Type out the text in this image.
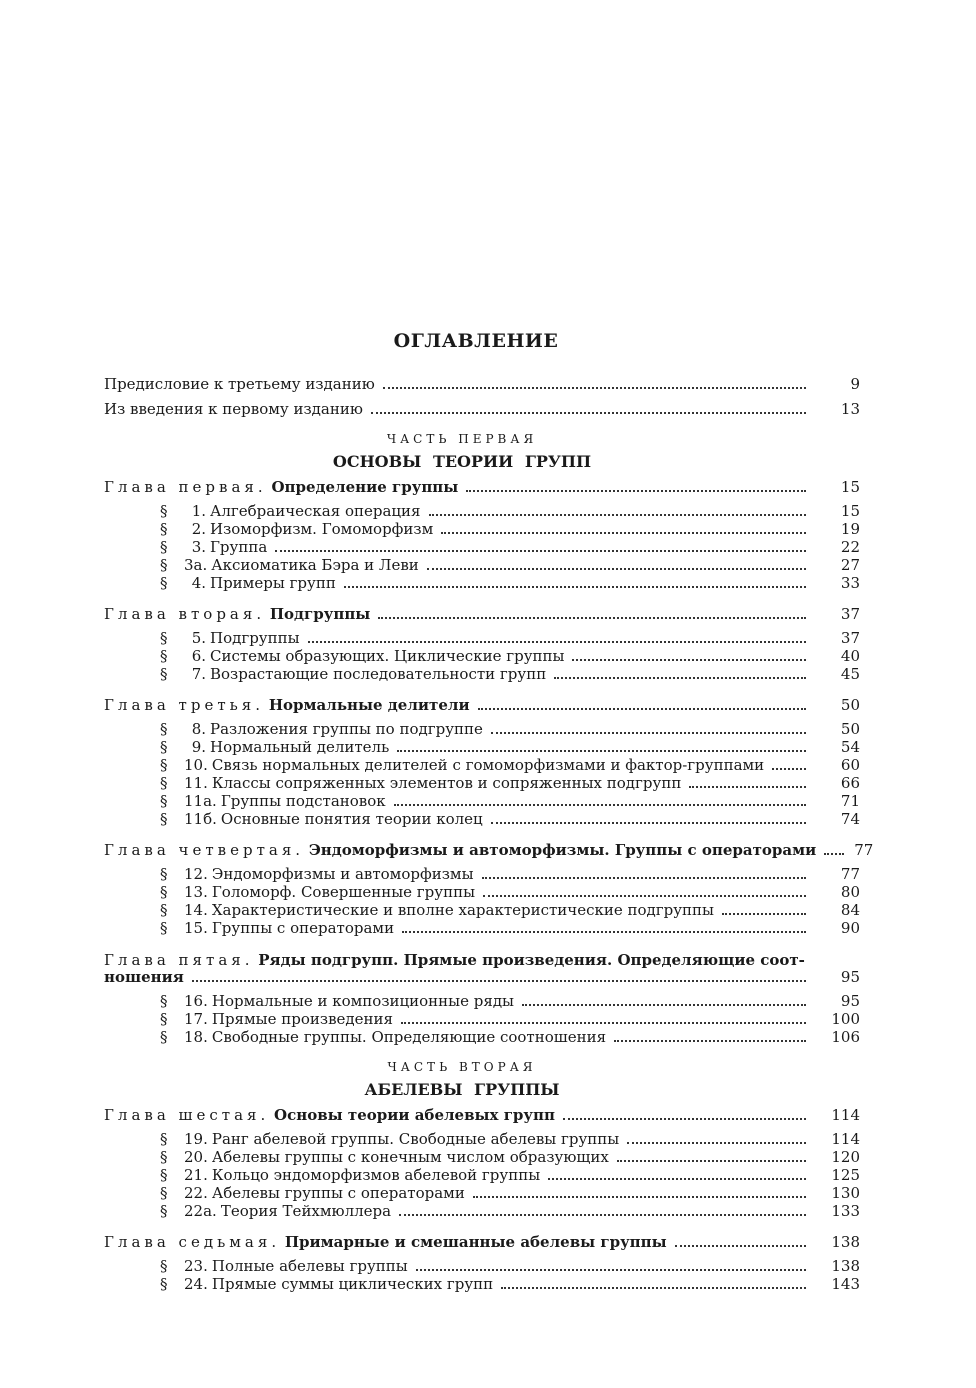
ОГЛАВЛЕНИЕ
Предисловие к третьему изданию	9
Из введения к первому изданию	13
ЧАСТЬ ПЕРВАЯ
ОСНОВЫ ТЕОРИИ ГРУПП
Глава первая. Определение группы	15
§ 1. Алгебраическая операция	15
§ 2. Изоморфизм. Гомоморфизм	19
§ 3. Группа	22
§ 3а. Аксиоматика Бэра и Леви	27
§ 4. Примеры групп	33
Глава вторая. Подгруппы	37
§ 5. Подгруппы	37
§ 6. Системы образующих. Циклические группы	40
§ 7. Возрастающие последовательности групп	45
Глава третья. Нормальные делители	50
§ 8. Разложения группы по подгруппе	50
§ 9. Нормальный делитель	54
§ 10. Связь нормальных делителей с гомоморфизмами и фактор-группами	60
§ 11. Классы сопряженных элементов и сопряженных подгрупп	66
§ 11а. Группы подстановок	71
§ 11б. Основные понятия теории колец	74
Глава четвертая. Эндоморфизмы и автоморфизмы. Группы с операторами	77
§ 12. Эндоморфизмы и автоморфизмы	77
§ 13. Голоморф. Совершенные группы	80
§ 14. Характеристические и вполне характеристические подгруппы	84
§ 15. Группы с операторами	90
Глава пятая. Ряды подгрупп. Прямые произведения. Определяющие соот-
ношения	95
§ 16. Нормальные и композиционные ряды	95
§ 17. Прямые произведения	100
§ 18. Свободные группы. Определяющие соотношения	106
ЧАСТЬ ВТОРАЯ
АБЕЛЕВЫ ГРУППЫ
Глава шестая. Основы теории абелевых групп	114
§ 19. Ранг абелевой группы. Свободные абелевы группы	114
§ 20. Абелевы группы с конечным числом образующих	120
§ 21. Кольцо эндоморфизмов абелевой группы	125
§ 22. Абелевы группы с операторами	130
§ 22а. Теория Тейхмюллера	133
Глава седьмая. Примарные и смешанные абелевы группы	138
§ 23. Полные абелевы группы	138
§ 24. Прямые суммы циклических групп	143
